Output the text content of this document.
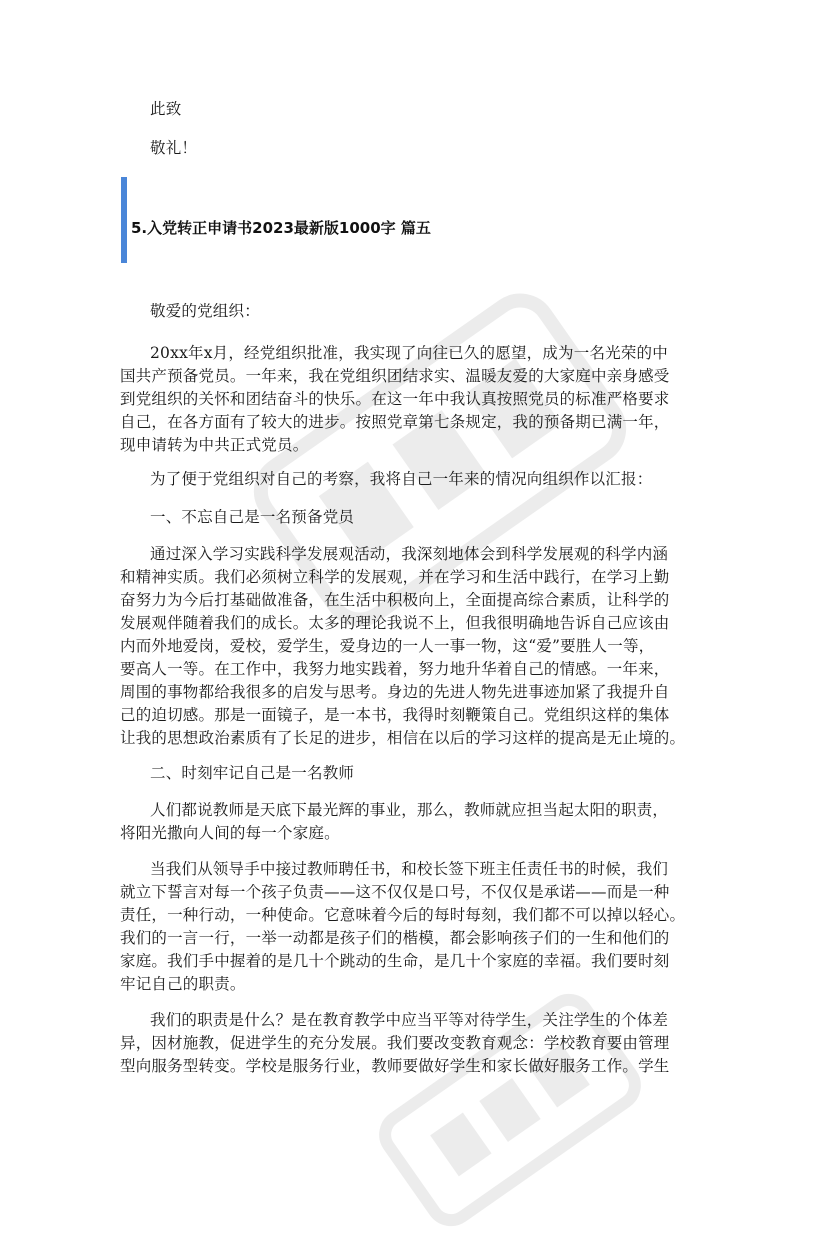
此致
敬礼！
5.入党转正申请书2023最新版1000字 篇五
敬爱的党组织：
20xx年x月，经党组织批准，我实现了向往已久的愿望，成为一名光荣的中
国共产预备党员。一年来，我在党组织团结求实、温暖友爱的大家庭中亲身感受
到党组织的关怀和团结奋斗的快乐。在这一年中我认真按照党员的标准严格要求
自己，在各方面有了较大的进步。按照党章第七条规定，我的预备期已满一年，
现申请转为中共正式党员。
为了便于党组织对自己的考察，我将自己一年来的情况向组织作以汇报：
一、不忘自己是一名预备党员
通过深入学习实践科学发展观活动，我深刻地体会到科学发展观的科学内涵
和精神实质。我们必须树立科学的发展观，并在学习和生活中践行，在学习上勤
奋努力为今后打基础做准备，在生活中积极向上，全面提高综合素质，让科学的
发展观伴随着我们的成长。太多的理论我说不上，但我很明确地告诉自己应该由
内而外地爱岗，爱校，爱学生，爱身边的一人一事一物，这“爱”要胜人一等，
要高人一等。在工作中，我努力地实践着，努力地升华着自己的情感。一年来，
周围的事物都给我很多的启发与思考。身边的先进人物先进事迹加紧了我提升自
己的迫切感。那是一面镜子，是一本书，我得时刻鞭策自己。党组织这样的集体
让我的思想政治素质有了长足的进步，相信在以后的学习这样的提高是无止境的。
二、时刻牢记自己是一名教师
人们都说教师是天底下最光辉的事业，那么，教师就应担当起太阳的职责，
将阳光撒向人间的每一个家庭。
当我们从领导手中接过教师聘任书，和校长签下班主任责任书的时候，我们
就立下誓言对每一个孩子负责——这不仅仅是口号，不仅仅是承诺——而是一种
责任，一种行动，一种使命。它意味着今后的每时每刻，我们都不可以掉以轻心。
我们的一言一行，一举一动都是孩子们的楷模，都会影响孩子们的一生和他们的
家庭。我们手中握着的是几十个跳动的生命，是几十个家庭的幸福。我们要时刻
牢记自己的职责。
我们的职责是什么？是在教育教学中应当平等对待学生，关注学生的个体差
异，因材施教，促进学生的充分发展。我们要改变教育观念：学校教育要由管理
型向服务型转变。学校是服务行业，教师要做好学生和家长做好服务工作。学生
